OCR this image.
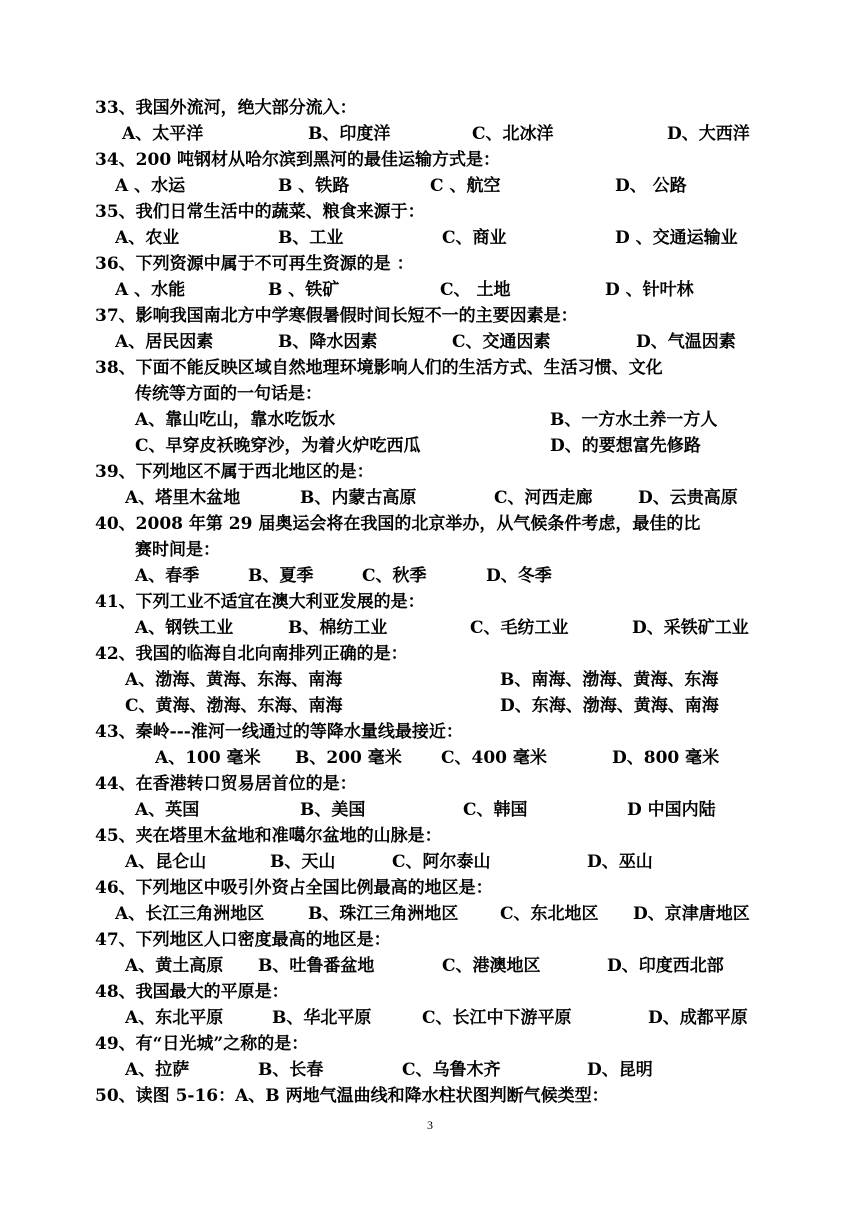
33、我国外流河，绝大部分流入：
A、太平洋	B、印度洋	C、北冰洋	D、大西洋
34、200 吨钢材从哈尔滨到黑河的最佳运输方式是：
A 、水运	B 、铁路	C 、航空	D、 公路
35、我们日常生活中的蔬菜、粮食来源于：
A、农业	B、工业	C、商业	D 、交通运输业
36、下列资源中属于不可再生资源的是 ：
A 、水能	B 、铁矿	C、 土地	D 、针叶林
37、影响我国南北方中学寒假暑假时间长短不一的主要因素是：
A、居民因素	B、降水因素	C、交通因素	D、气温因素
38、下面不能反映区域自然地理环境影响人们的生活方式、生活习惯、文化
传统等方面的一句话是：
A、靠山吃山，靠水吃饭水	B、一方水土养一方人
C、早穿皮袄晚穿沙，为着火炉吃西瓜	D、的要想富先修路
39、下列地区不属于西北地区的是：
A、塔里木盆地	B、内蒙古高原	C、河西走廊	D、云贵高原
40、2008 年第 29 届奥运会将在我国的北京举办，从气候条件考虑，最佳的比
赛时间是：
A、春季	B、夏季	C、秋季	D、冬季
41、下列工业不适宜在澳大利亚发展的是：
A、钢铁工业	B、棉纺工业	C、毛纺工业	D、采铁矿工业
42、我国的临海自北向南排列正确的是：
A、渤海、黄海、东海、南海	B、南海、渤海、黄海、东海
C、黄海、渤海、东海、南海	D、东海、渤海、黄海、南海
43、秦岭---淮河一线通过的等降水量线最接近：
A、100 毫米 B、200 毫米 C、400 毫米	D、800 毫米
44、在香港转口贸易居首位的是：
A、英国	B、美国	C、韩国	D 中国内陆
45、夹在塔里木盆地和准噶尔盆地的山脉是：
A、昆仑山	B、天山	C、阿尔泰山	D、巫山
46、下列地区中吸引外资占全国比例最高的地区是：
A、长江三角洲地区	B、珠江三角洲地区 C、东北地区 D、京津唐地区
47、下列地区人口密度最高的地区是：
A、黄土高原 B、吐鲁番盆地	C、港澳地区	D、印度西北部
48、我国最大的平原是：
A、东北平原	B、华北平原	C、长江中下游平原	D、成都平原
49、有“日光城”之称的是：
A、拉萨	B、长春	C、乌鲁木齐	D、昆明
50、读图 5-16：A、B 两地气温曲线和降水柱状图判断气候类型：
3
